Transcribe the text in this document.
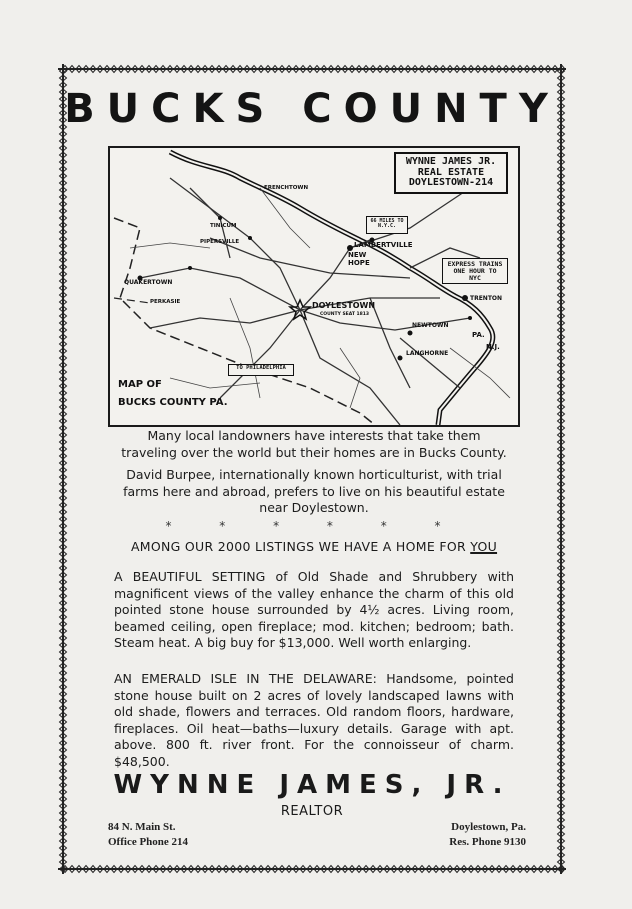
BUCKS COUNTY
WYNNE JAMES JR.
REAL ESTATE
DOYLESTOWN-214
EXPRESS TRAINS
ONE HOUR TO
NYC
66 MILES TO
N.Y.C.
TO PHILADELPHIA
MAP OF
BUCKS COUNTY PA.
DOYLESTOWN
COUNTY SEAT 1813
LAMBERTVILLE
NEW
HOPE
FRENCHTOWN
TRENTON
NEWTOWN
LANGHORNE
QUAKERTOWN
PERKASIE
PIPERSVILLE
TINICUM
PA.
N.J.
Many local landowners have interests that take them traveling over the world but their homes are in Bucks County.
David Burpee, internationally known horticulturist, with trial farms here and abroad, prefers to live on his beautiful estate near Doylestown.
* * * * * *
AMONG OUR 2000 LISTINGS WE HAVE A HOME FOR YOU
A BEAUTIFUL SETTING of Old Shade and Shrubbery with magnificent views of the valley enhance the charm of this old pointed stone house surrounded by 4½ acres. Living room, beamed ceiling, open fireplace; mod. kitchen; bedroom; bath. Steam heat. A big buy for $13,000. Well worth enlarging.
AN EMERALD ISLE IN THE DELAWARE: Handsome, pointed stone house built on 2 acres of lovely landscaped lawns with old shade, flowers and terraces. Old random floors, hardware, fireplaces. Oil heat—baths—luxury details. Garage with apt. above. 800 ft. river front. For the connoisseur of charm. $48,500.
WYNNE JAMES, JR.
REALTOR
84 N. Main St.
Office Phone 214
Doylestown, Pa.
Res. Phone 9130
